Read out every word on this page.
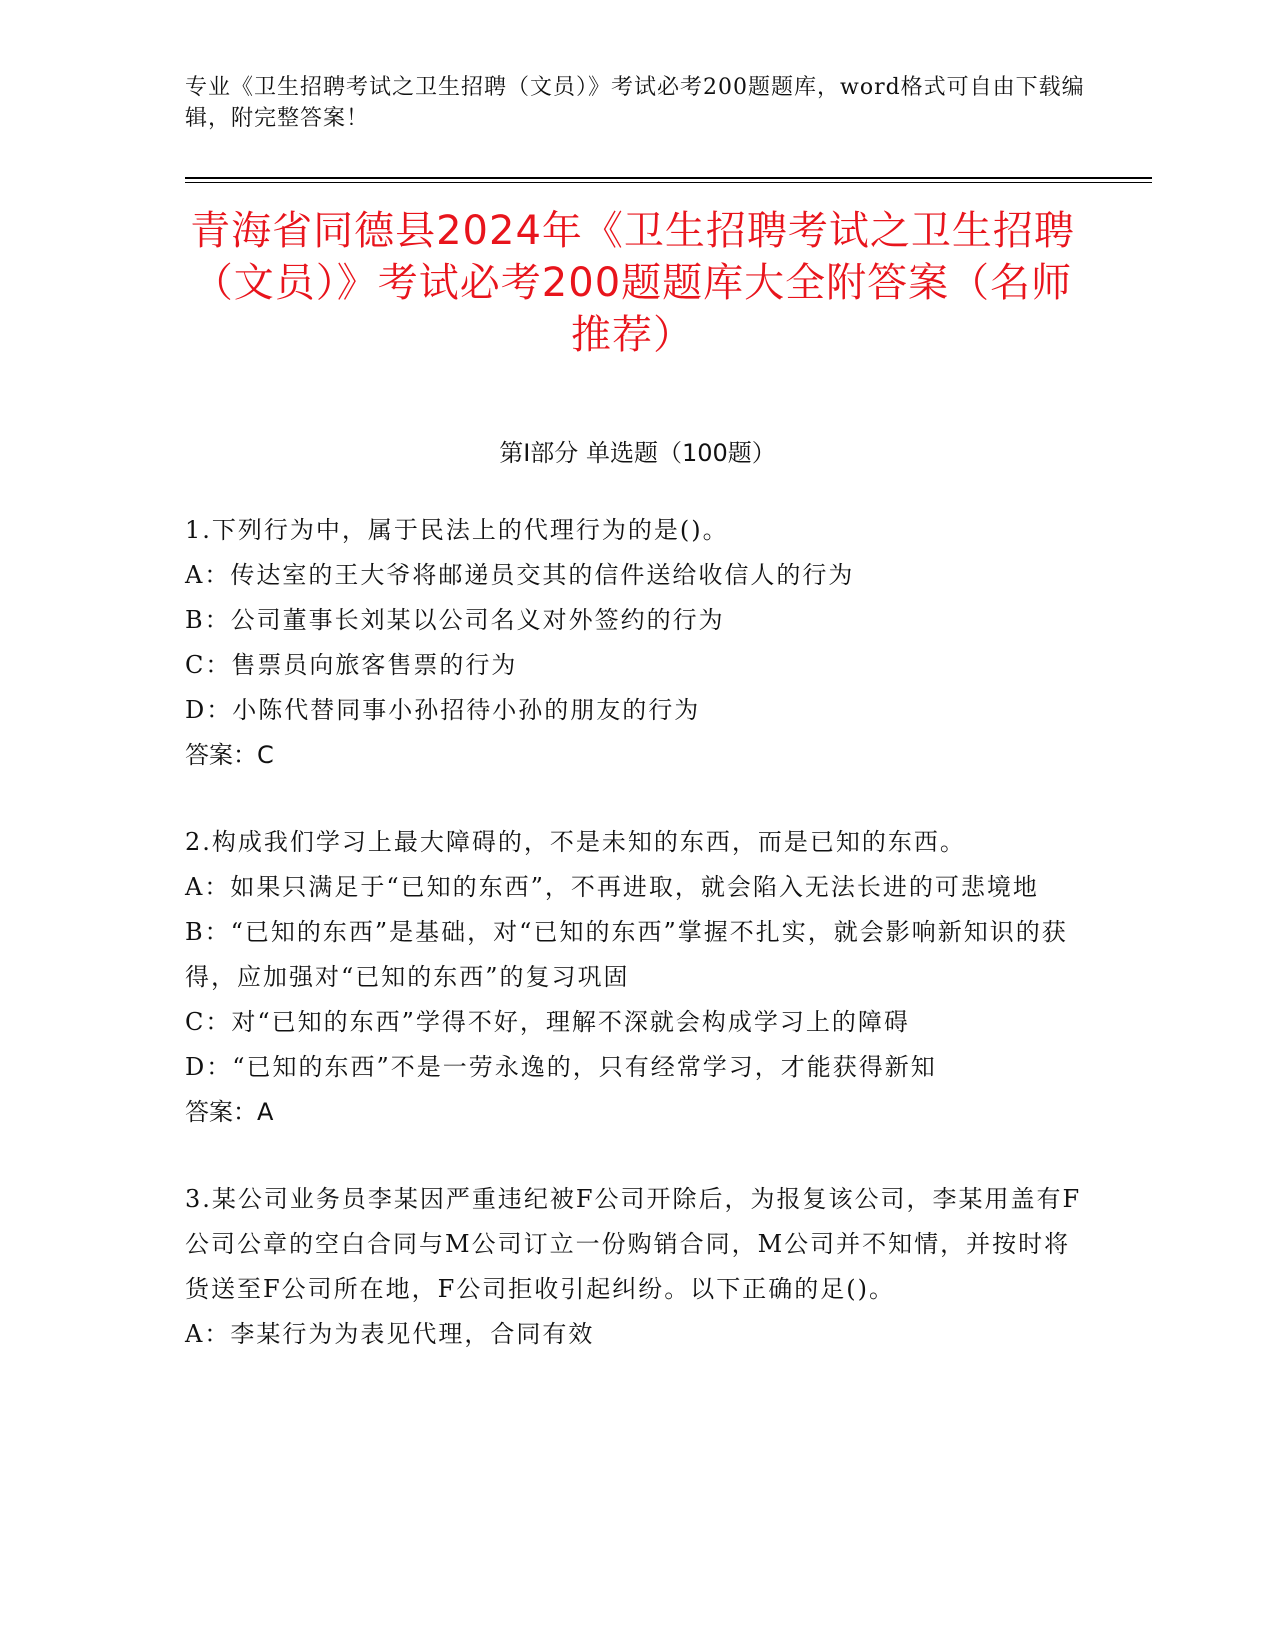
专业《卫生招聘考试之卫生招聘（文员）》考试必考200题题库，word格式可自由下载编辑，附完整答案！
青海省同德县2024年《卫生招聘考试之卫生招聘（文员）》考试必考200题题库大全附答案（名师推荐）
第I部分 单选题（100题）
1.下列行为中，属于民法上的代理行为的是()。
A：传达室的王大爷将邮递员交其的信件送给收信人的行为
B：公司董事长刘某以公司名义对外签约的行为
C：售票员向旅客售票的行为
D：小陈代替同事小孙招待小孙的朋友的行为
答案：C
2.构成我们学习上最大障碍的，不是未知的东西，而是已知的东西。
A：如果只满足于“已知的东西”，不再进取，就会陷入无法长进的可悲境地
B：“已知的东西”是基础，对“已知的东西”掌握不扎实，就会影响新知识的获得，应加强对“已知的东西”的复习巩固
C：对“已知的东西”学得不好，理解不深就会构成学习上的障碍
D：“已知的东西”不是一劳永逸的，只有经常学习，才能获得新知
答案：A
3.某公司业务员李某因严重违纪被F公司开除后，为报复该公司，李某用盖有F公司公章的空白合同与M公司订立一份购销合同，M公司并不知情，并按时将货送至F公司所在地，F公司拒收引起纠纷。以下正确的足()。
A：李某行为为表见代理，合同有效
